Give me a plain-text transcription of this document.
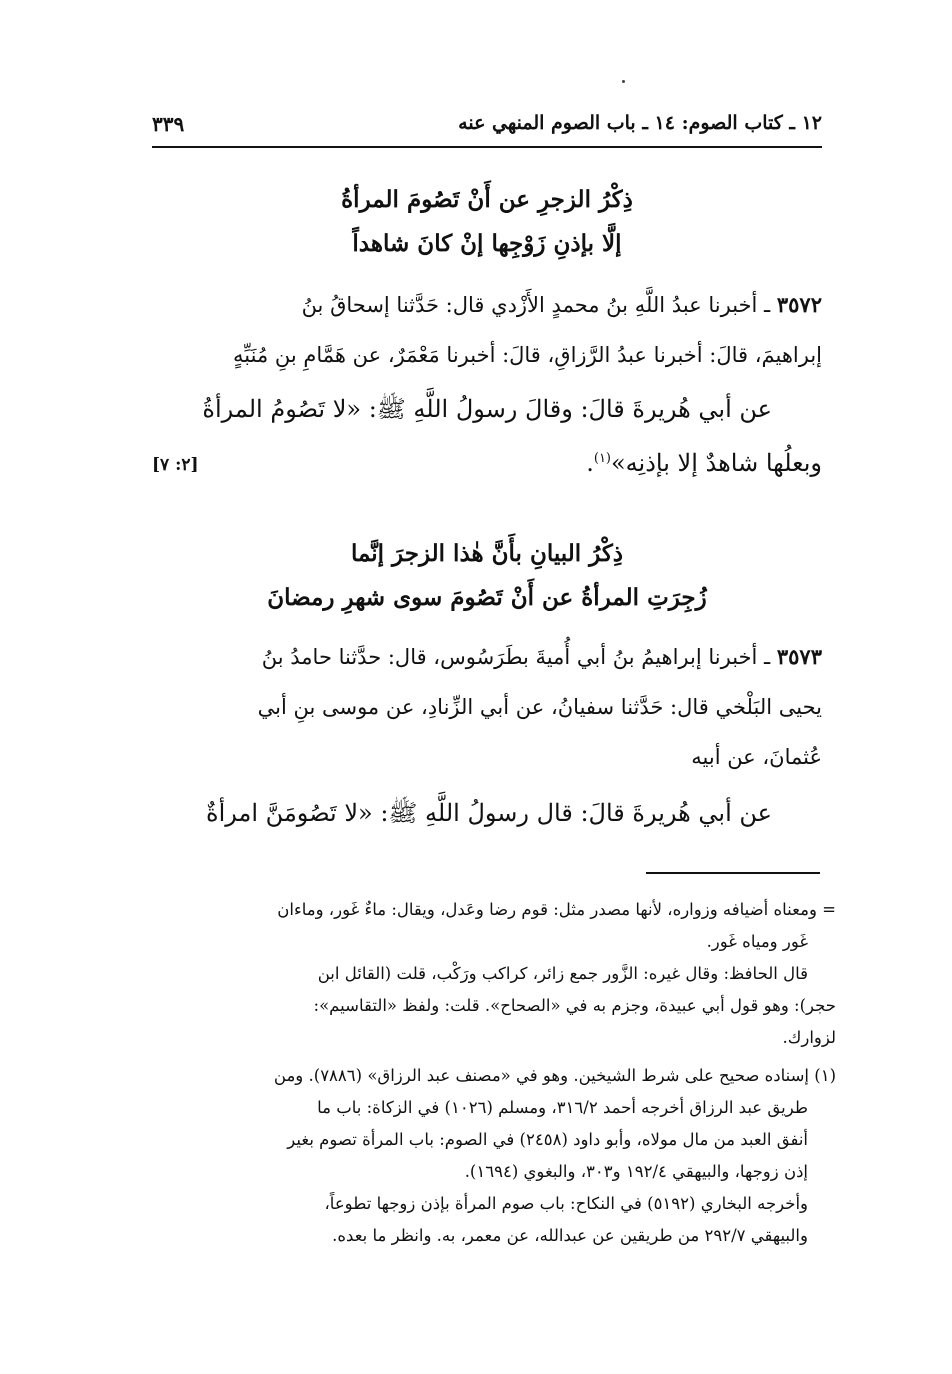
١٢ ـ كتاب الصوم: ١٤ ـ باب الصوم المنهي عنه
٣٣٩
ذِكْرُ الزجرِ عن أَنْ تَصُومَ المرأةُ
إلَّا بإذنِ زَوْجِها إنْ كانَ شاهداً

٣٥٧٢ ـ أخبرنا عبدُ اللَّهِ بنُ محمدٍ الأَزْدي قال: حَدَّثنا إسحاقُ بنُ

إبراهيمَ، قالَ: أخبرنا عبدُ الرَّزاقِ، قالَ: أخبرنا مَعْمَرٌ، عن هَمَّامِ بنِ مُنَبِّهٍ

عن أبي هُريرةَ قالَ: وقالَ رسولُ اللَّهِ ﷺ: «لا تَصُومُ المرأةُ

وبعلُها شاهدٌ إلا بإذنِه»$^{(١)}$.

[٢: ٧]
ذِكْرُ البيانِ بأَنَّ هٰذا الزجرَ إنَّما
زُجِرَتِ المرأةُ عن أَنْ تَصُومَ سوى شهرِ رمضانَ

٣٥٧٣ ـ أخبرنا إبراهيمُ بنُ أبي أُميةَ بطَرَسُوس، قال: حدَّثنا حامدُ بنُ

يحيى البَلْخي قال: حَدَّثنا سفيانُ، عن أبي الزِّنادِ، عن موسى بنِ أبي

عُثمانَ، عن أبيه

عن أبي هُريرةَ قالَ: قال رسولُ اللَّهِ ﷺ: «لا تَصُومَنَّ امرأةٌ

= ومعناه أضيافه وزواره، لأنها مصدر مثل: قوم رضا وعَدل، ويقال: ماءٌ غَور، وماءان

غَور ومياه غَور.

قال الحافظ: وقال غيره: الزَّور جمع زائر، كراكب ورَكْب، قلت (القائل ابن

حجر): وهو قول أبي عبيدة، وجزم به في «الصحاح». قلت: ولفظ «التقاسيم»:

لزوارك.

(١) إسناده صحيح على شرط الشيخين. وهو في «مصنف عبد الرزاق» (٧٨٨٦). ومن

طريق عبد الرزاق أخرجه أحمد ٣١٦/٢، ومسلم (١٠٢٦) في الزكاة: باب ما

أنفق العبد من مال مولاه، وأبو داود (٢٤٥٨) في الصوم: باب المرأة تصوم بغير

إذن زوجها، والبيهقي ١٩٢/٤ و٣٠٣، والبغوي (١٦٩٤).

وأخرجه البخاري (٥١٩٢) في النكاح: باب صوم المرأة بإذن زوجها تطوعاً،

والبيهقي ٢٩٢/٧ من طريقين عن عبدالله، عن معمر، به. وانظر ما بعده.
